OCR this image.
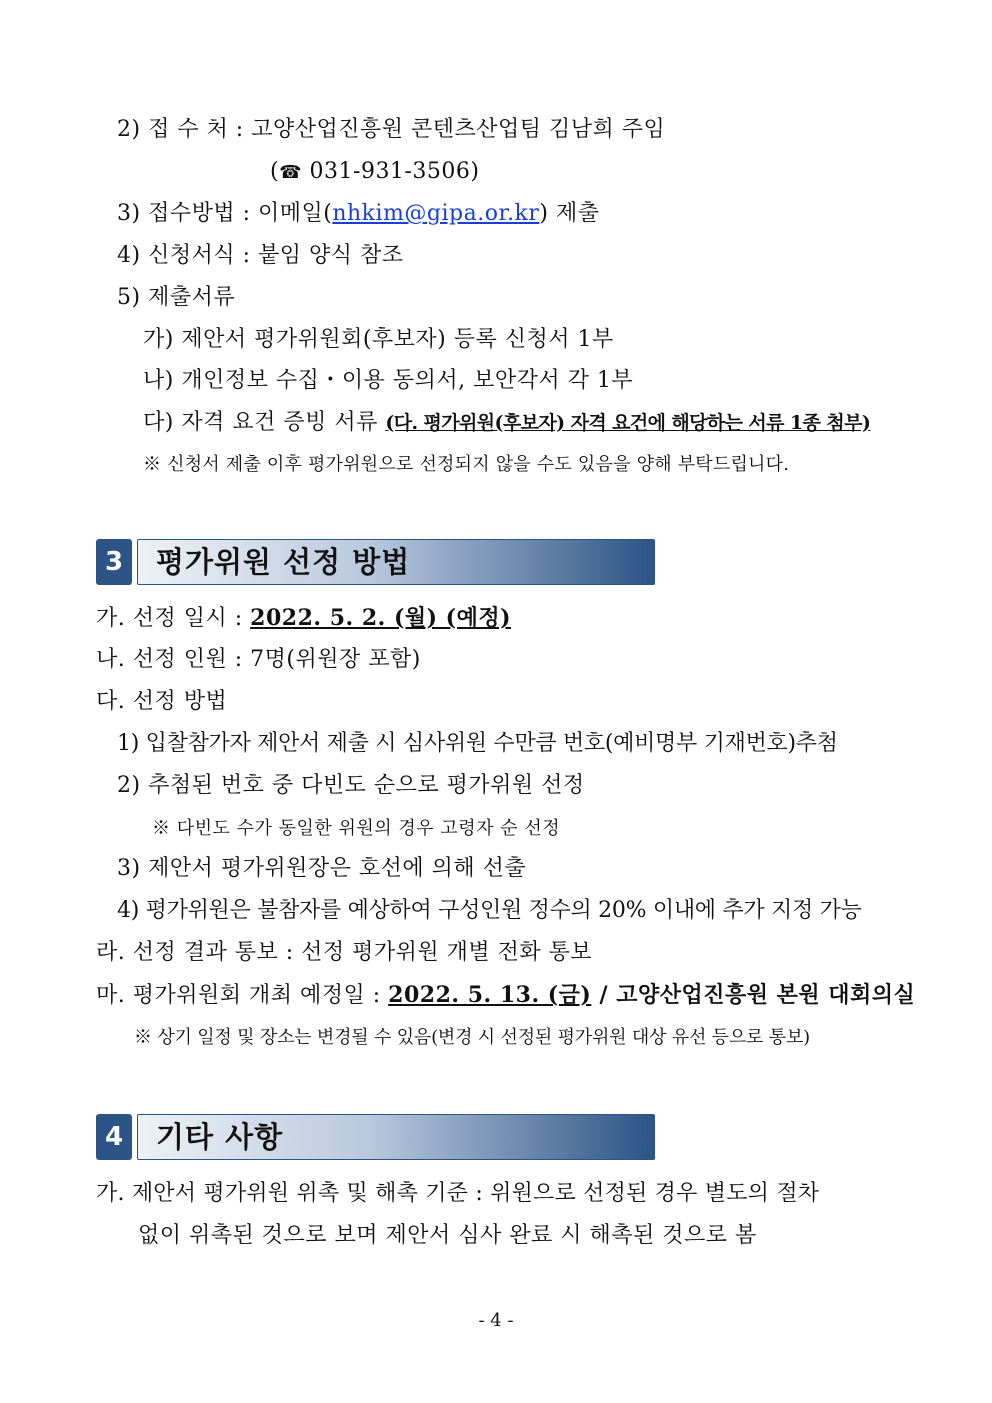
2) 접 수 처 : 고양산업진흥원 콘텐츠산업팀 김남희 주임
(☎ 031-931-3506)
3) 접수방법 : 이메일(nhkim@gipa.or.kr) 제출
4) 신청서식 : 붙임 양식 참조
5) 제출서류
가) 제안서 평가위원회(후보자) 등록 신청서 1부
나) 개인정보 수집・이용 동의서, 보안각서 각 1부
다) 자격 요건 증빙 서류 (다. 평가위원(후보자) 자격 요건에 해당하는 서류 1종 첨부)
※ 신청서 제출 이후 평가위원으로 선정되지 않을 수도 있음을 양해 부탁드립니다.
3	평가위원 선정 방법
가. 선정 일시 : 2022. 5. 2. (월) (예정)
나. 선정 인원 : 7명(위원장 포함)
다. 선정 방법
1) 입찰참가자 제안서 제출 시 심사위원 수만큼 번호(예비명부 기재번호)추첨
2) 추첨된 번호 중 다빈도 순으로 평가위원 선정
※ 다빈도 수가 동일한 위원의 경우 고령자 순 선정
3) 제안서 평가위원장은 호선에 의해 선출
4) 평가위원은 불참자를 예상하여 구성인원 정수의 20% 이내에 추가 지정 가능
라. 선정 결과 통보 : 선정 평가위원 개별 전화 통보
마. 평가위원회 개최 예정일 : 2022. 5. 13. (금) / 고양산업진흥원 본원 대회의실
※ 상기 일정 및 장소는 변경될 수 있음(변경 시 선정된 평가위원 대상 유선 등으로 통보)
4	기타 사항
가. 제안서 평가위원 위촉 및 해촉 기준 : 위원으로 선정된 경우 별도의 절차
없이 위촉된 것으로 보며 제안서 심사 완료 시 해촉된 것으로 봄
- 4 -
